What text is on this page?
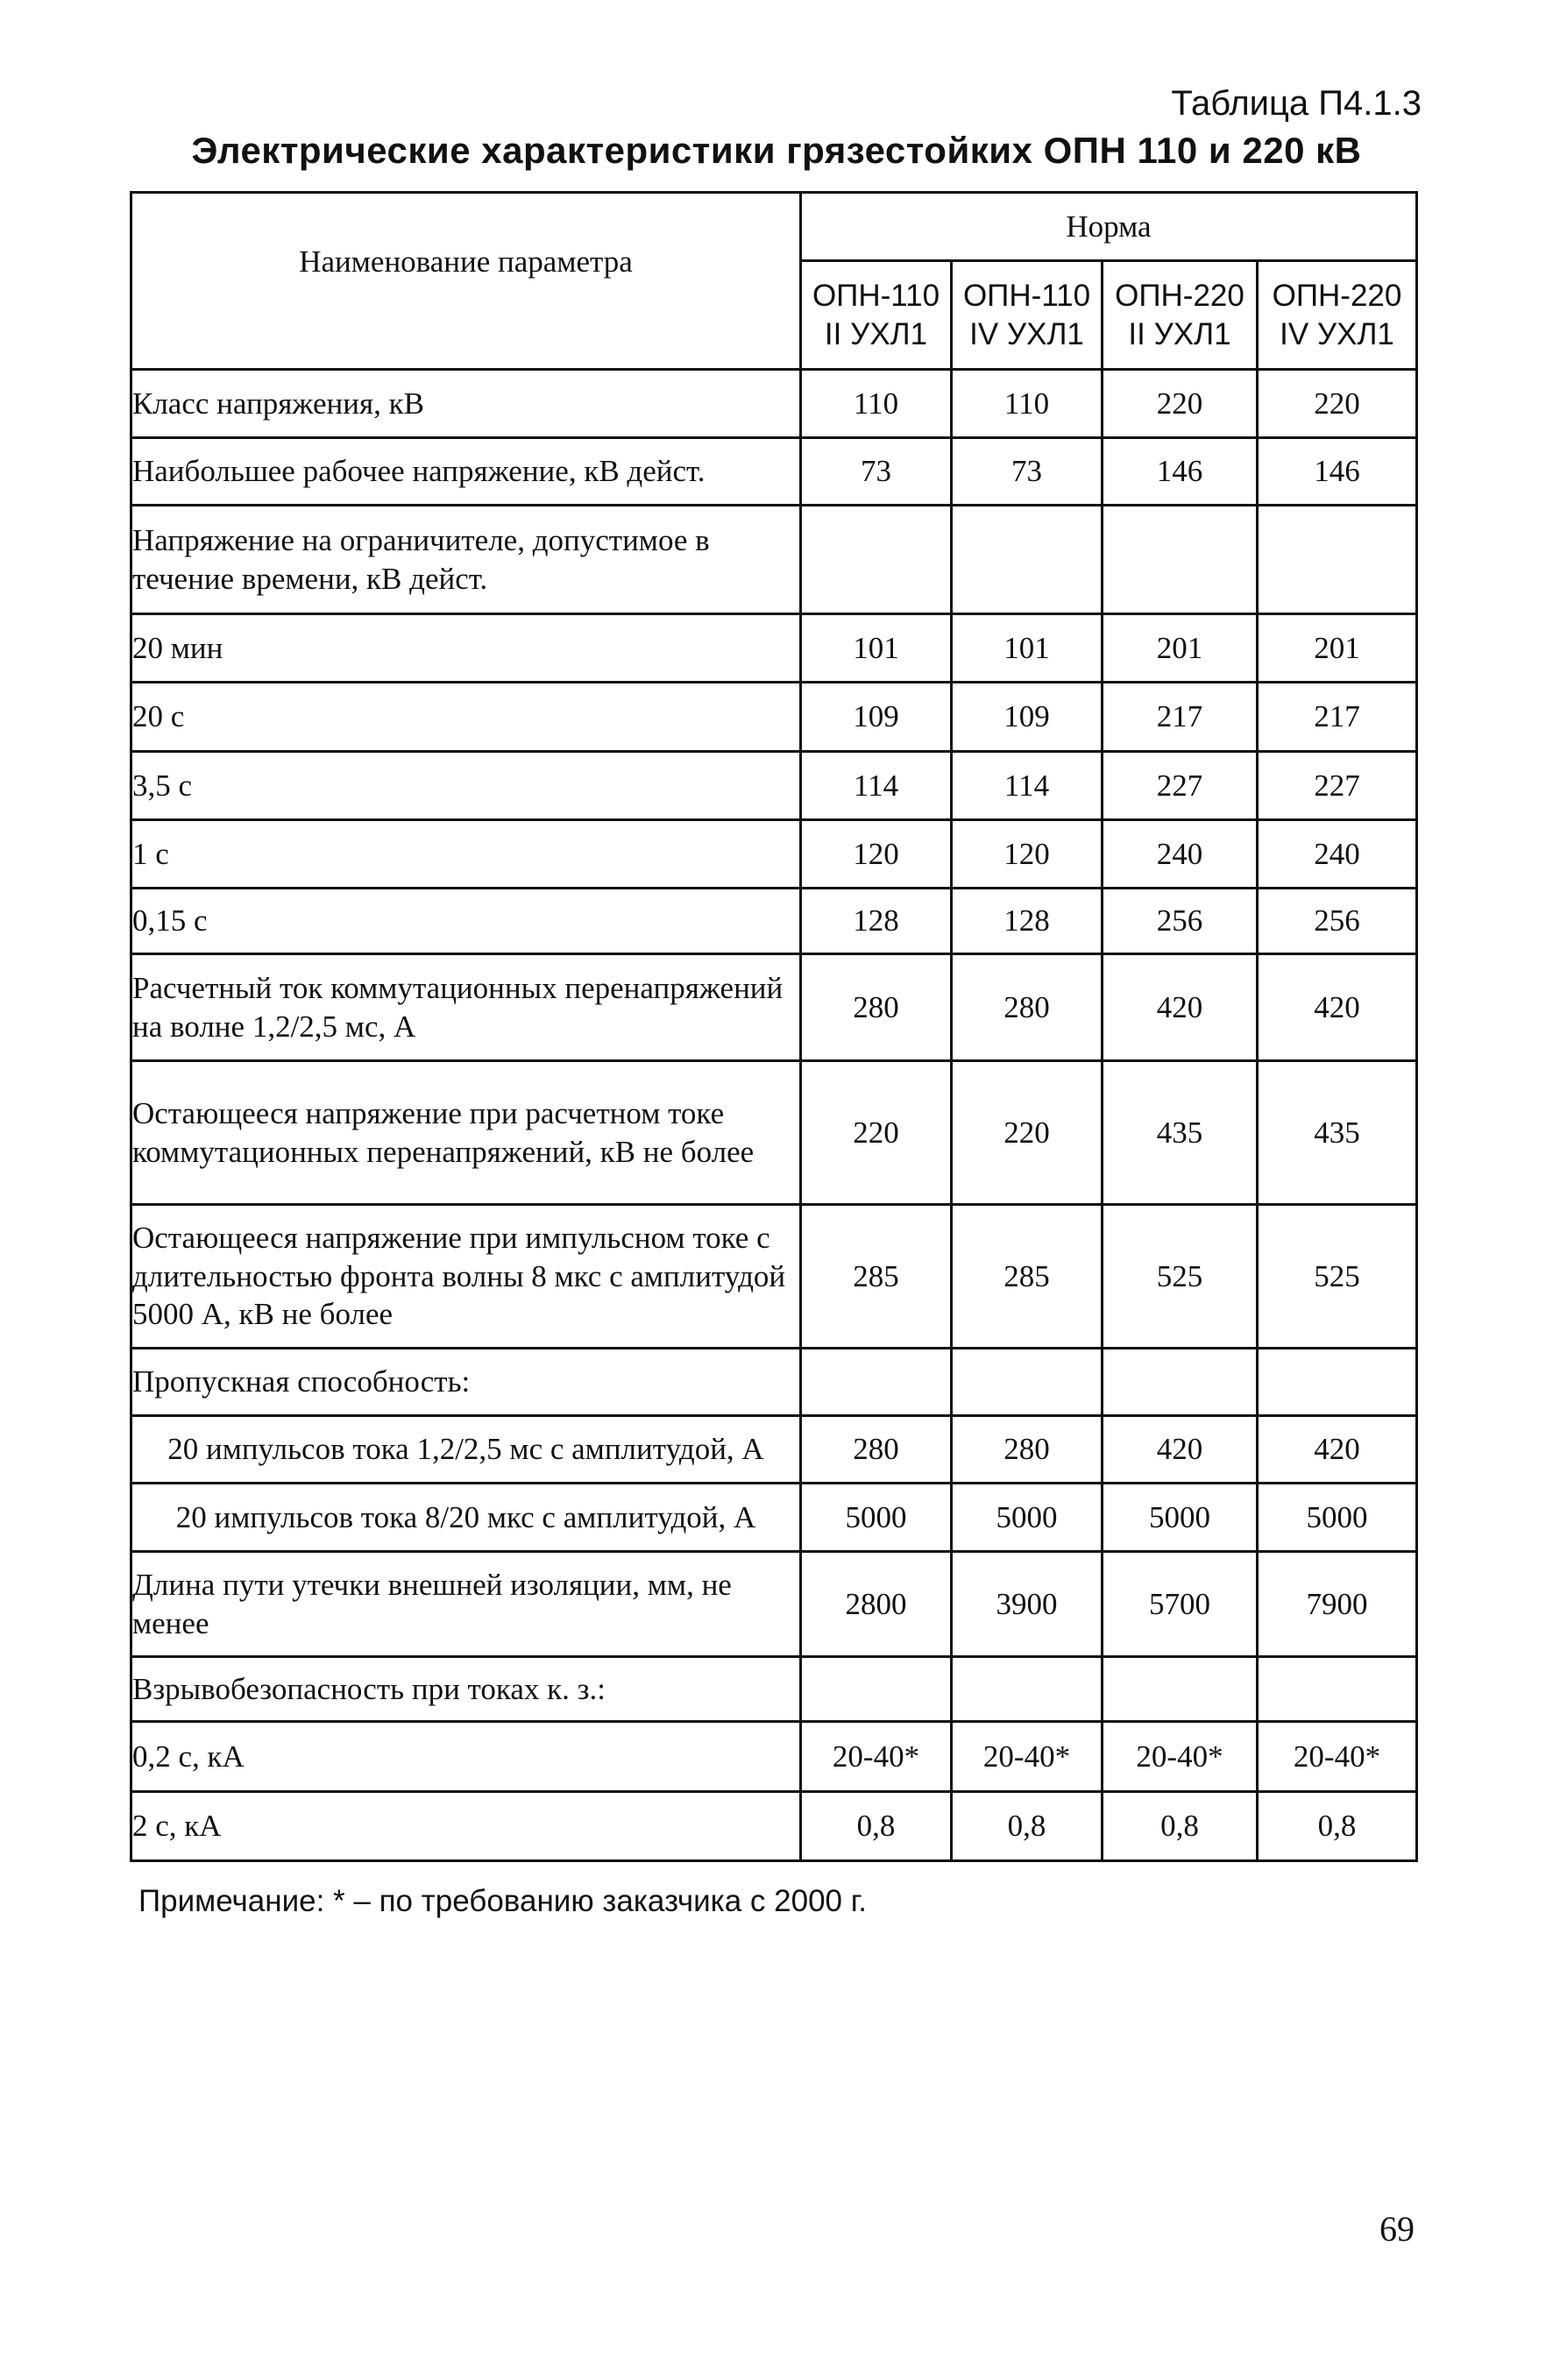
Таблица П4.1.3
Электрические характеристики грязестойких ОПН 110 и 220 кВ
Наименование параметра	Норма			
	ОПН-110 II УХЛ1	ОПН-110 IV УХЛ1	ОПН-220 II УХЛ1	ОПН-220 IV УХЛ1
Класс напряжения, кВ	110	110	220	220
Наибольшее рабочее напряжение, кВ дейст.	73	73	146	146
Напряжение на ограничителе, допустимое в течение времени, кВ дейст.				
20 мин	101	101	201	201
20 с	109	109	217	217
3,5 с	114	114	227	227
1 с	120	120	240	240
0,15 с	128	128	256	256
Расчетный ток коммутационных перенапряжений на волне 1,2/2,5 мс, А	280	280	420	420
Остающееся напряжение при расчетном токе коммутационных перенапряжений, кВ не более	220	220	435	435
Остающееся напряжение при импульсном токе с длительностью фронта волны 8 мкс с амплитудой 5000 А, кВ не более	285	285	525	525
Пропускная способность:				
20 импульсов тока 1,2/2,5 мс с амплитудой, А	280	280	420	420
20 импульсов тока 8/20 мкс с амплитудой, А	5000	5000	5000	5000
Длина пути утечки внешней изоляции, мм, не менее	2800	3900	5700	7900
Взрывобезопасность при токах к. з.:				
0,2 с, кА	20-40*	20-40*	20-40*	20-40*
2 с, кА	0,8	0,8	0,8	0,8
Примечание: * – по требованию заказчика с 2000 г.
69
